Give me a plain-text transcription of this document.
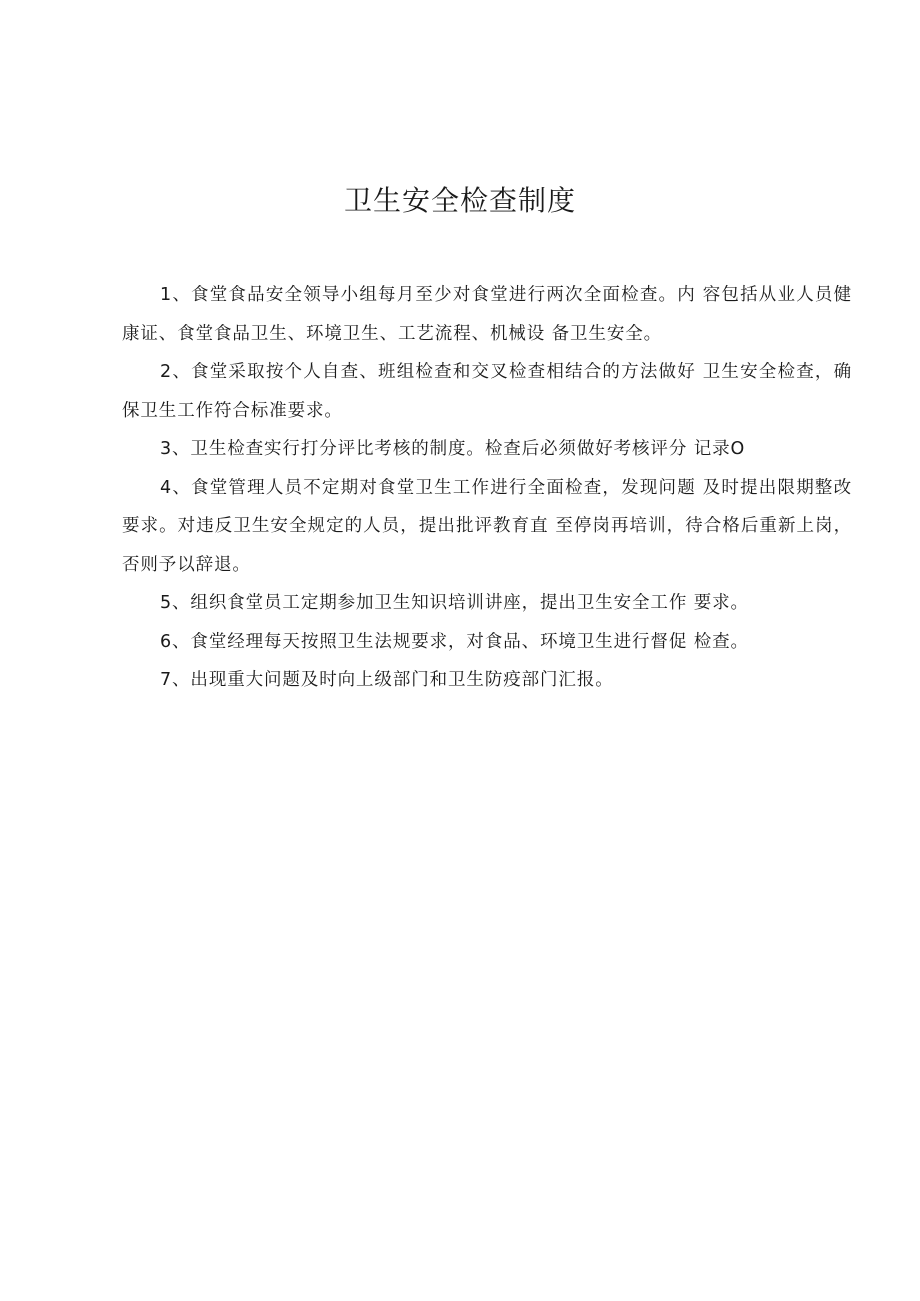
卫生安全检查制度

1、食堂食品安全领导小组每月至少对食堂进行两次全面检查。内 容包括从业人员健康证、食堂食品卫生、环境卫生、工艺流程、机械设 备卫生安全。

2、食堂采取按个人自查、班组检查和交叉检查相结合的方法做好 卫生安全检查，确保卫生工作符合标准要求。

3、卫生检查实行打分评比考核的制度。检查后必须做好考核评分 记录O

4、食堂管理人员不定期对食堂卫生工作进行全面检查，发现问题 及时提出限期整改要求。对违反卫生安全规定的人员，提出批评教育直 至停岗再培训，待合格后重新上岗，否则予以辞退。

5、组织食堂员工定期参加卫生知识培训讲座，提出卫生安全工作 要求。

6、食堂经理每天按照卫生法规要求，对食品、环境卫生进行督促 检查。

7、出现重大问题及时向上级部门和卫生防疫部门汇报。
